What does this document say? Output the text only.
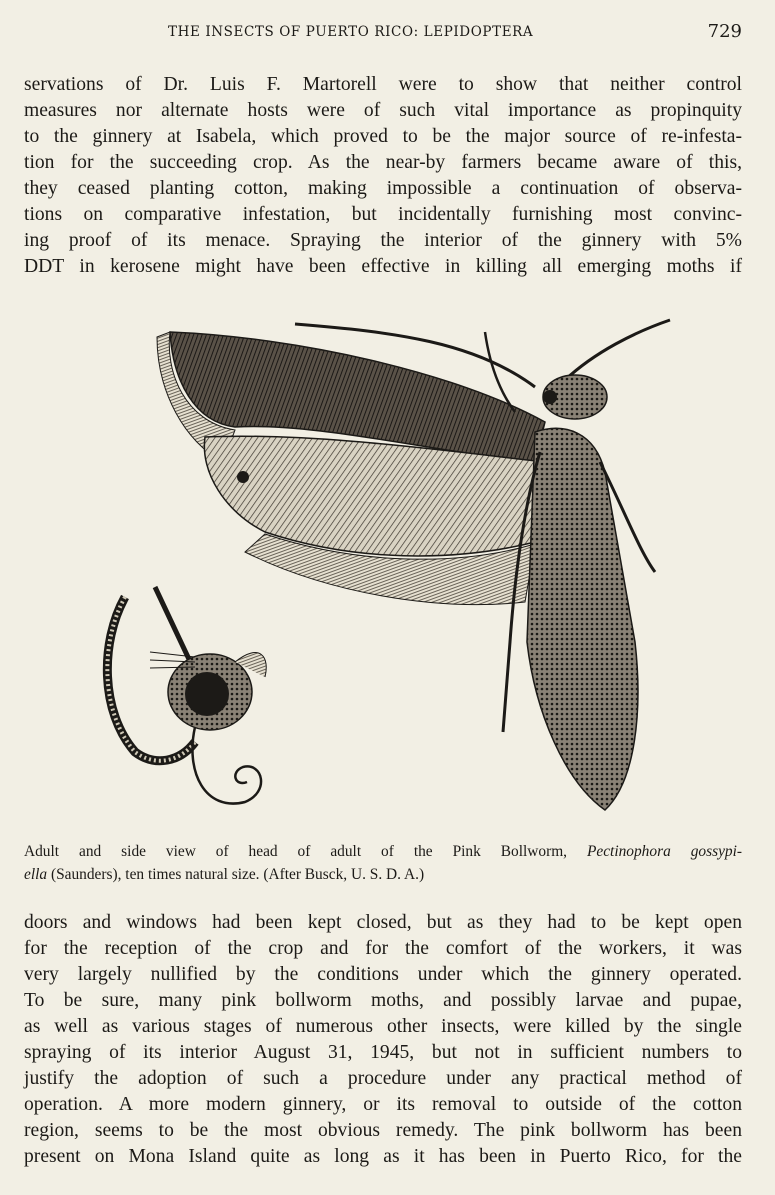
THE INSECTS OF PUERTO RICO: LEPIDOPTERA	729
servations of Dr. Luis F. Martorell were to show that neither control
measures nor alternate hosts were of such vital importance as propinquity
to the ginnery at Isabela, which proved to be the major source of re-infesta-
tion for the succeeding crop. As the near-by farmers became aware of this,
they ceased planting cotton, making impossible a continuation of observa-
tions on comparative infestation, but incidentally furnishing most convinc-
ing proof of its menace. Spraying the interior of the ginnery with 5%
DDT in kerosene might have been effective in killing all emerging moths if
Adult and side view of head of adult of the Pink Bollworm, Pectinophora gossypi-
ella (Saunders), ten times natural size. (After Busck, U. S. D. A.)
doors and windows had been kept closed, but as they had to be kept open
for the reception of the crop and for the comfort of the workers, it was
very largely nullified by the conditions under which the ginnery operated.
To be sure, many pink bollworm moths, and possibly larvae and pupae,
as well as various stages of numerous other insects, were killed by the single
spraying of its interior August 31, 1945, but not in sufficient numbers to
justify the adoption of such a procedure under any practical method of
operation. A more modern ginnery, or its removal to outside of the cotton
region, seems to be the most obvious remedy. The pink bollworm has been
present on Mona Island quite as long as it has been in Puerto Rico, for the
